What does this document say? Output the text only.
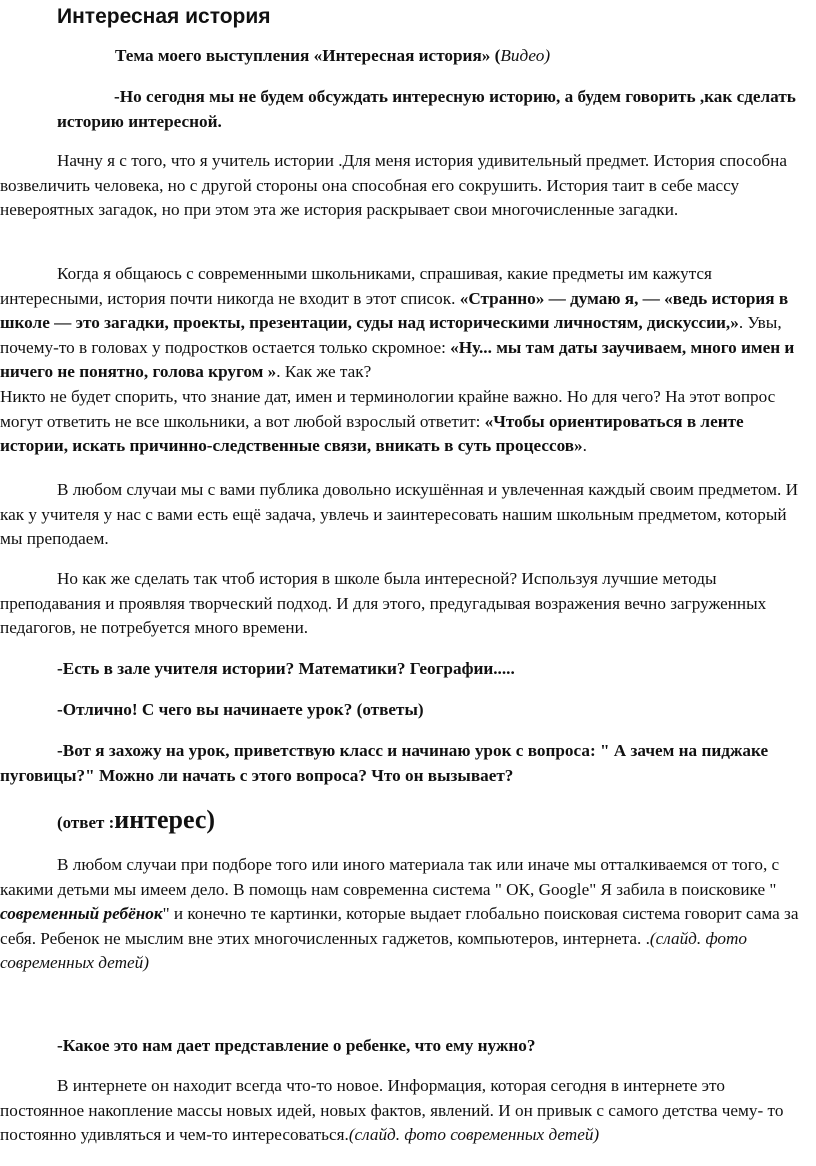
Интересная история

Тема моего выступления «Интересная история» (Видео)

-Но сегодня мы не будем обсуждать интересную историю, а будем говорить ,как сделать историю интересной.

Начну я с того, что я учитель истории .Для меня история удивительный предмет. История способна возвеличить человека, но с другой стороны она способная его сокрушить. История таит в себе массу невероятных загадок, но при этом эта же история раскрывает свои многочисленные загадки.

Когда я общаюсь с современными школьниками, спрашивая, какие предметы им кажутся интересными, история почти никогда не входит в этот список. «Странно» — думаю я, — «ведь история в школе — это загадки, проекты, презентации, суды над историческими личностям, дискуссии,». Увы, почему-то в головах у подростков остается только скромное: «Ну... мы там даты заучиваем, много имен и ничего не понятно, голова кругом ». Как же так?

Никто не будет спорить, что знание дат, имен и терминологии крайне важно. Но для чего? На этот вопрос могут ответить не все школьники, а вот любой взрослый ответит: «Чтобы ориентироваться в ленте истории, искать причинно-следственные связи, вникать в суть процессов».

В любом случаи мы с вами публика довольно искушённая и увлеченная каждый своим предметом. И как у учителя у нас с вами есть ещё задача, увлечь и заинтересовать нашим школьным предметом, который мы преподаем.

Но как же сделать так чтоб история в школе была интересной? Используя лучшие методы преподавания и проявляя творческий подход. И для этого, предугадывая возражения вечно загруженных педагогов, не потребуется много времени.

-Есть в зале учителя истории? Математики? Географии.....

-Отлично! С чего вы начинаете урок? (ответы)

-Вот я захожу на урок, приветствую класс и начинаю урок с вопроса: " А зачем на пиджаке пуговицы?" Можно ли начать с этого вопроса? Что он вызывает?

(ответ :интерес)

В любом случаи при подборе того или иного материала так или иначе мы отталкиваемся от того, с какими детьми мы имеем дело. В помощь нам современна система " ОК, Google" Я забила в поисковике " современный ребёнок" и конечно те картинки, которые выдает глобально поисковая система говорит сама за себя. Ребенок не мыслим вне этих многочисленных гаджетов, компьютеров, интернета. .(слайд. фото современных детей)

-Какое это нам дает представление о ребенке, что ему нужно?

В интернете он находит всегда что-то новое. Информация, которая сегодня в интернете это постоянное накопление массы новых идей, новых фактов, явлений. И он привык с самого детства чему- то постоянно удивляться и чем-то интересоваться.(слайд. фото современных детей)
